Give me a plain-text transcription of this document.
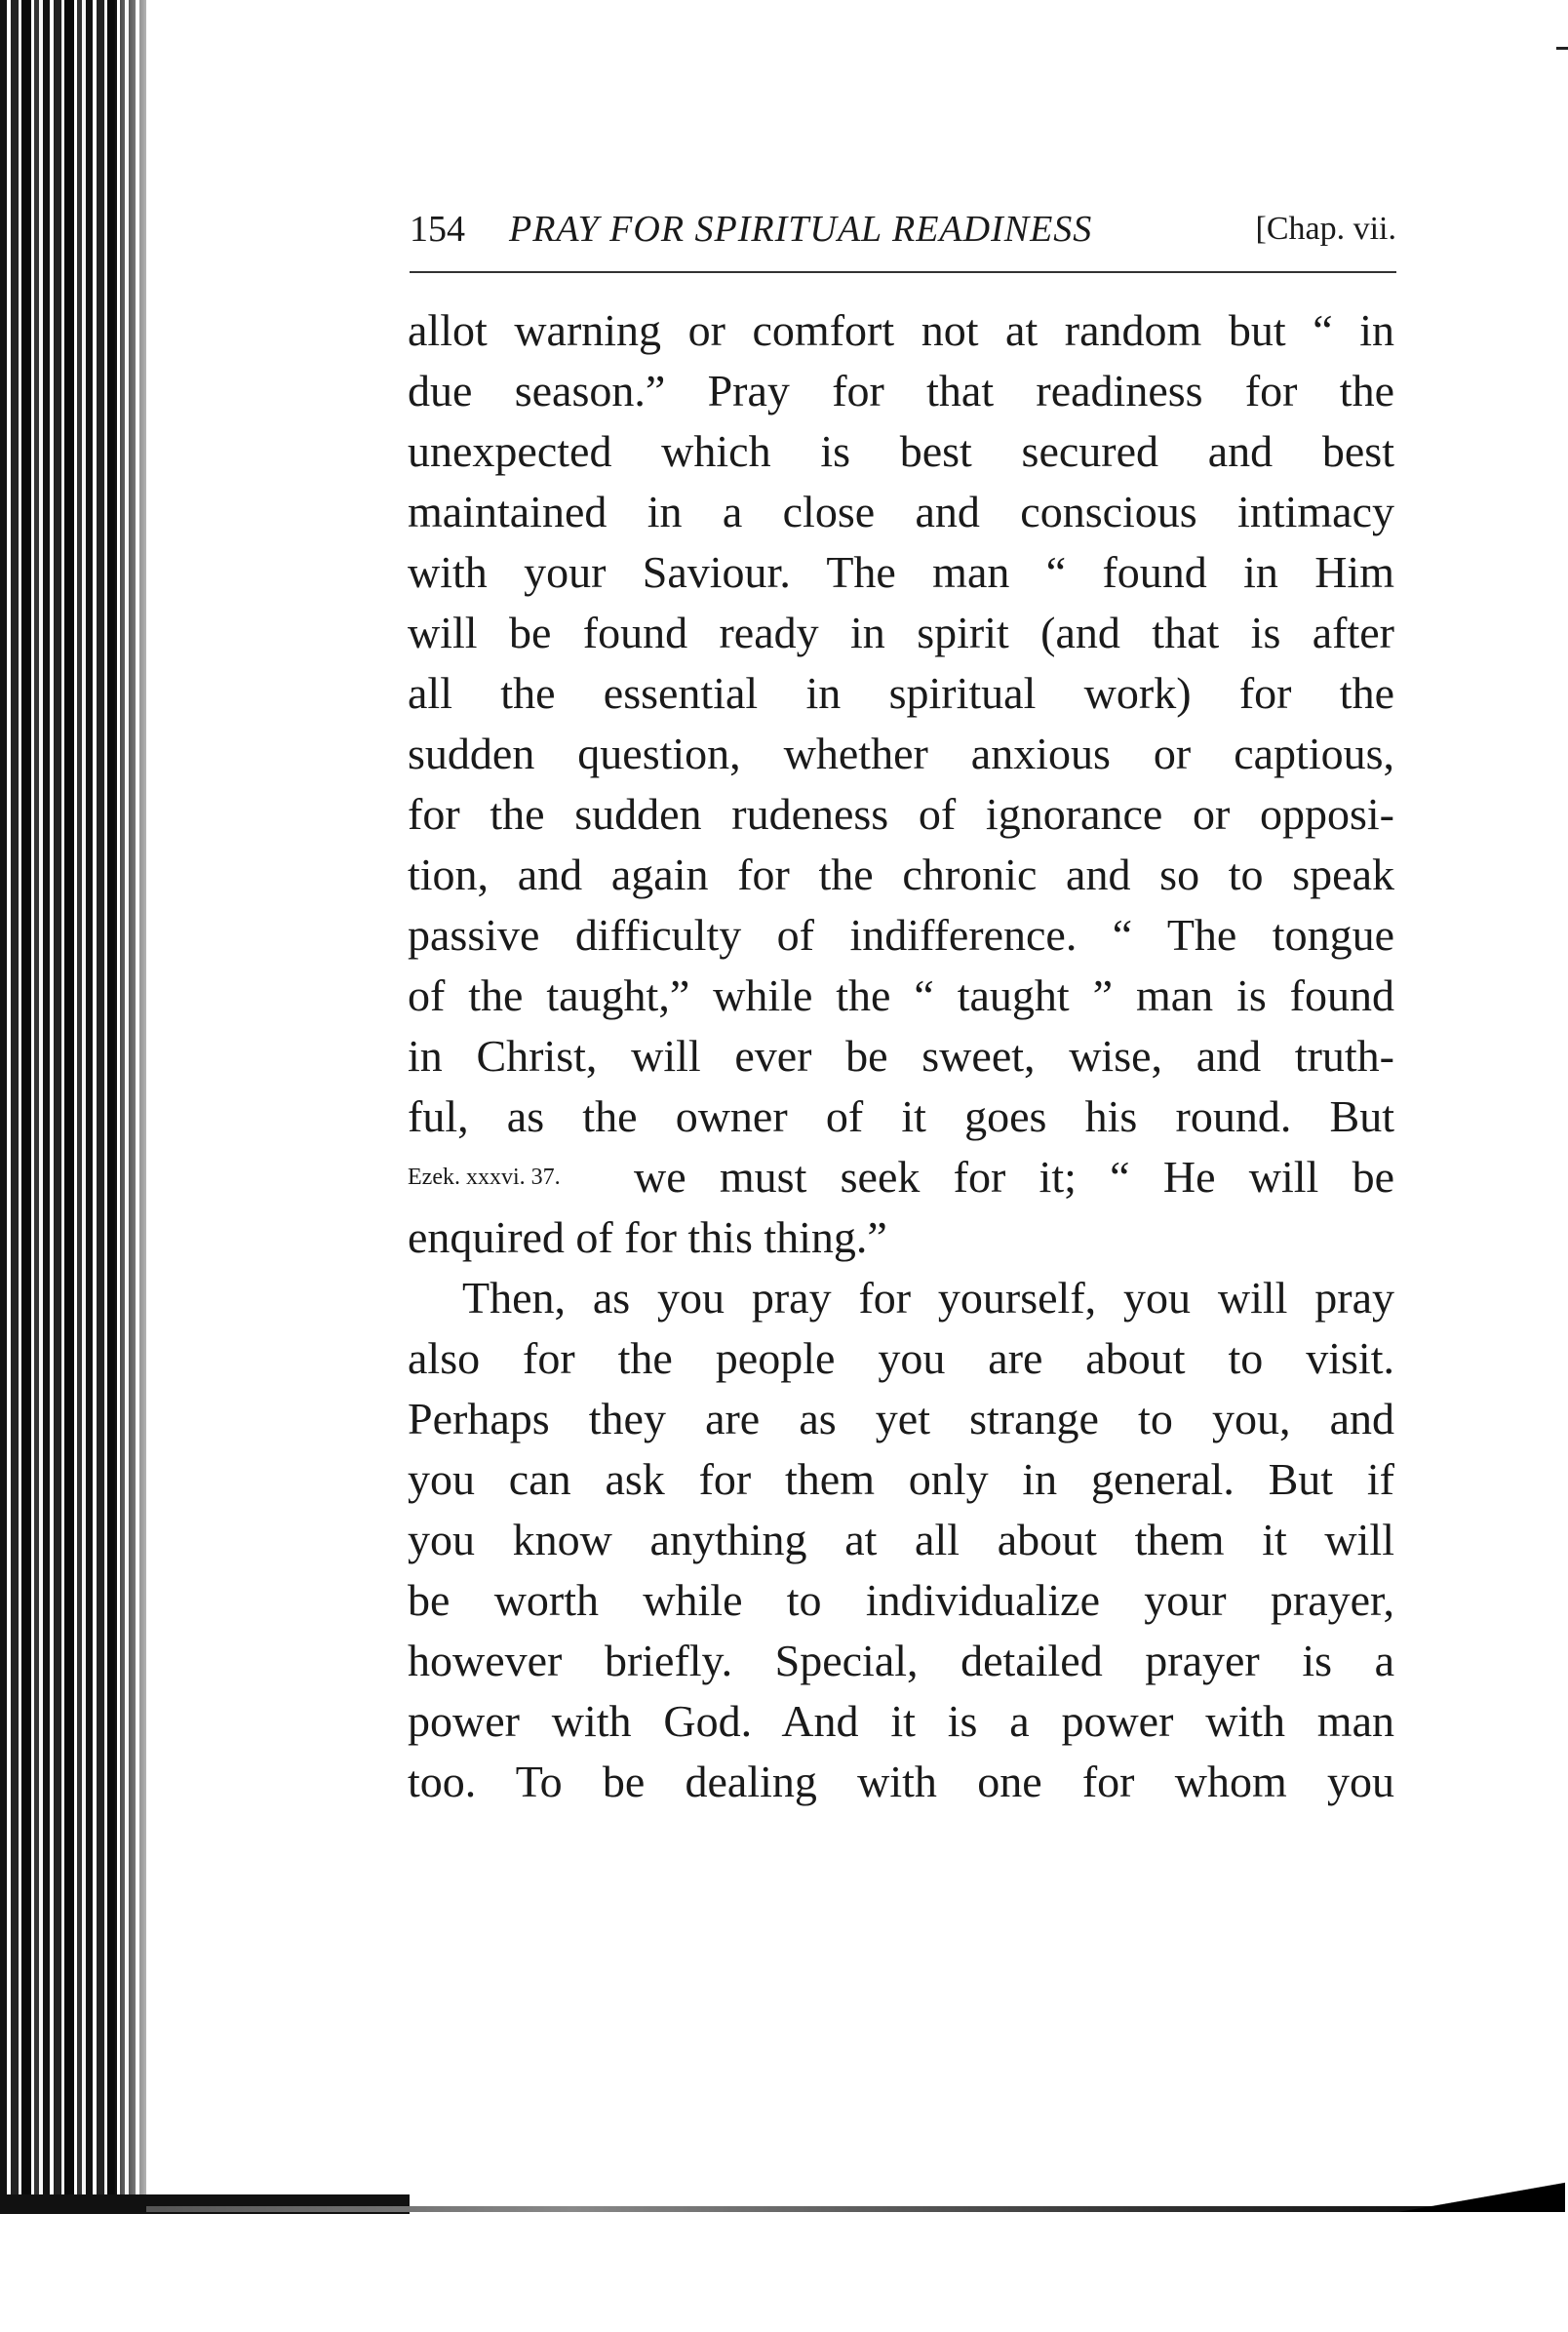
154 PRAY FOR SPIRITUAL READINESS	[Chap. vii.
Ezek. xxxvi. 37.
allot warning or comfort not at random but “ in
due season.” Pray for that readiness for the
unexpected which is best secured and best
maintained in a close and conscious intimacy
with your Saviour. The man “ found in Him
will be found ready in spirit (and that is after
all the essential in spiritual work) for the
sudden question, whether anxious or captious,
for the sudden rudeness of ignorance or opposi-
tion, and again for the chronic and so to speak
passive difficulty of indifference. “ The tongue
of the taught,” while the “ taught ” man is found
in Christ, will ever be sweet, wise, and truth-
ful, as the owner of it goes his round. But
we must seek for it; “ He will be
enquired of for this thing.”
Then, as you pray for yourself, you will pray
also for the people you are about to visit.
Perhaps they are as yet strange to you, and
you can ask for them only in general. But if
you know anything at all about them it will
be worth while to individualize your prayer,
however briefly. Special, detailed prayer is a
power with God. And it is a power with man
too. To be dealing with one for whom you
